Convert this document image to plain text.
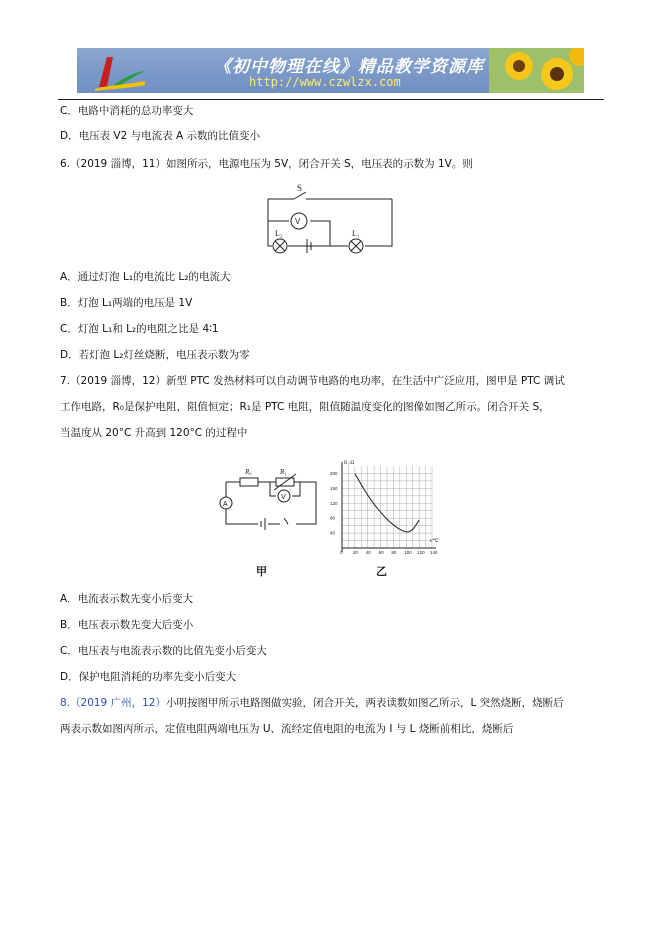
《初中物理在线》精品教学资源库
http://www.czwlzx.com
C．电路中消耗的总功率变大
D．电压表 V2 与电流表 A 示数的比值变小
6.（2019 淄博，11）如图所示，电源电压为 5V，闭合开关 S，电压表的示数为 1V。则
S
V
L₂	L₁
A．通过灯泡 L₁的电流比 L₂的电流大
B．灯泡 L₁两端的电压是 1V
C．灯泡 L₁和 L₂的电阻之比是 4∶1
D．若灯泡 L₂灯丝烧断，电压表示数为零
7.（2019 淄博，12）新型 PTC 发热材料可以自动调节电路的电功率，在生活中广泛应用，图甲是 PTC 调试
工作电路，R₀是保护电阻，阻值恒定；R₁是 PTC 电阻，阻值随温度变化的图像如图乙所示。闭合开关 S，
当温度从 20°C 升高到 120°C 的过程中
R₀	R₁
V
A
甲
200
160
120
80
40
0 20 40 60 80 100 120 140
R₁/Ω
t/℃
乙
A．电流表示数先变小后变大
B．电压表示数先变大后变小
C．电压表与电流表示数的比值先变小后变大
D．保护电阻消耗的功率先变小后变大
8.（2019 广州，12）小明按图甲所示电路图做实验，闭合开关，两表读数如图乙所示，L 突然烧断，烧断后
两表示数如图丙所示，定值电阻两端电压为 U、流经定值电阻的电流为 I 与 L 烧断前相比，烧断后
